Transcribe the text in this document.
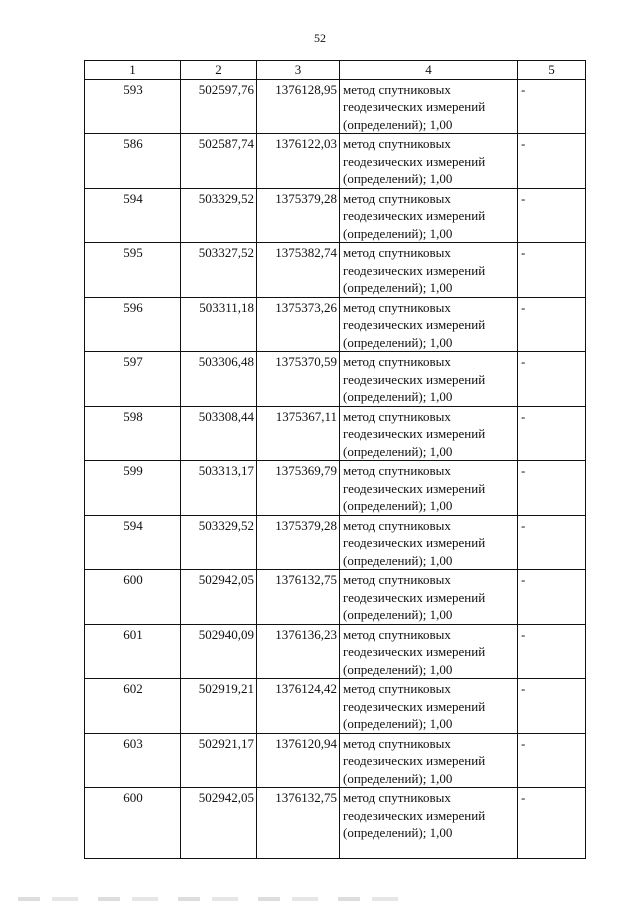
52
1	2	3	4	5
593	502597,76	1376128,95	метод спутниковых геодезических измерений (определений); 1,00	-
586	502587,74	1376122,03	метод спутниковых геодезических измерений (определений); 1,00	-
594	503329,52	1375379,28	метод спутниковых геодезических измерений (определений); 1,00	-
595	503327,52	1375382,74	метод спутниковых геодезических измерений (определений); 1,00	-
596	503311,18	1375373,26	метод спутниковых геодезических измерений (определений); 1,00	-
597	503306,48	1375370,59	метод спутниковых геодезических измерений (определений); 1,00	-
598	503308,44	1375367,11	метод спутниковых геодезических измерений (определений); 1,00	-
599	503313,17	1375369,79	метод спутниковых геодезических измерений (определений); 1,00	-
594	503329,52	1375379,28	метод спутниковых геодезических измерений (определений); 1,00	-
600	502942,05	1376132,75	метод спутниковых геодезических измерений (определений); 1,00	-
601	502940,09	1376136,23	метод спутниковых геодезических измерений (определений); 1,00	-
602	502919,21	1376124,42	метод спутниковых геодезических измерений (определений); 1,00	-
603	502921,17	1376120,94	метод спутниковых геодезических измерений (определений); 1,00	-
600	502942,05	1376132,75	метод спутниковых геодезических измерений (определений); 1,00	-
